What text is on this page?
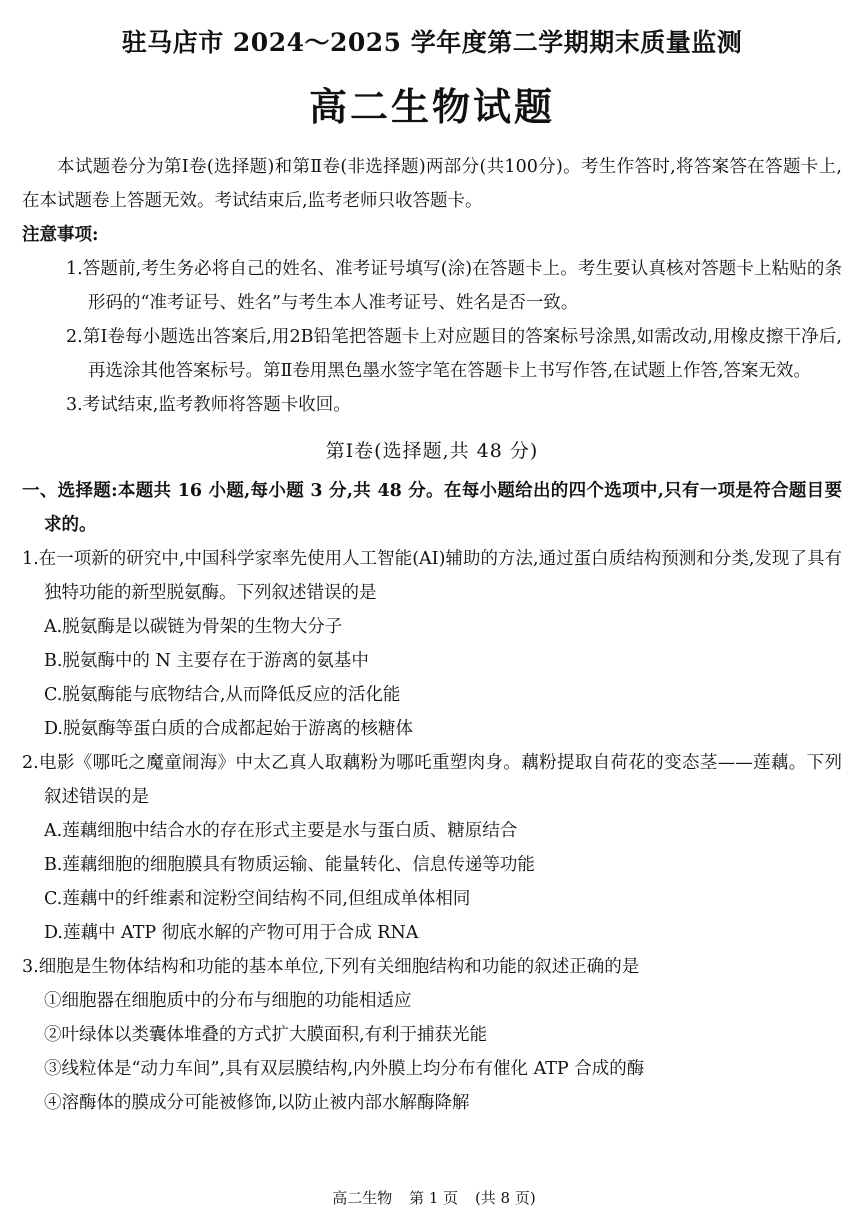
驻马店市 2024～2025 学年度第二学期期末质量监测
高二生物试题

本试题卷分为第Ⅰ卷(选择题)和第Ⅱ卷(非选择题)两部分(共100分)。考生作答时,将答案答在答题卡上,在本试题卷上答题无效。考试结束后,监考老师只收答题卡。

注意事项:

1.答题前,考生务必将自己的姓名、准考证号填写(涂)在答题卡上。考生要认真核对答题卡上粘贴的条形码的“准考证号、姓名”与考生本人准考证号、姓名是否一致。
2.第Ⅰ卷每小题选出答案后,用2B铅笔把答题卡上对应题目的答案标号涂黑,如需改动,用橡皮擦干净后,再选涂其他答案标号。第Ⅱ卷用黑色墨水签字笔在答题卡上书写作答,在试题上作答,答案无效。
3.考试结束,监考教师将答题卡收回。
第Ⅰ卷(选择题,共 48 分)

一、选择题:本题共 16 小题,每小题 3 分,共 48 分。在每小题给出的四个选项中,只有一项是符合题目要求的。

1.在一项新的研究中,中国科学家率先使用人工智能(AI)辅助的方法,通过蛋白质结构预测和分类,发现了具有独特功能的新型脱氨酶。下列叙述错误的是

A.脱氨酶是以碳链为骨架的生物大分子
B.脱氨酶中的 N 主要存在于游离的氨基中
C.脱氨酶能与底物结合,从而降低反应的活化能
D.脱氨酶等蛋白质的合成都起始于游离的核糖体

2.电影《哪吒之魔童闹海》中太乙真人取藕粉为哪吒重塑肉身。藕粉提取自荷花的变态茎——莲藕。下列叙述错误的是

A.莲藕细胞中结合水的存在形式主要是水与蛋白质、糖原结合
B.莲藕细胞的细胞膜具有物质运输、能量转化、信息传递等功能
C.莲藕中的纤维素和淀粉空间结构不同,但组成单体相同
D.莲藕中 ATP 彻底水解的产物可用于合成 RNA

3.细胞是生物体结构和功能的基本单位,下列有关细胞结构和功能的叙述正确的是

①细胞器在细胞质中的分布与细胞的功能相适应
②叶绿体以类囊体堆叠的方式扩大膜面积,有利于捕获光能
③线粒体是“动力车间”,具有双层膜结构,内外膜上均分布有催化 ATP 合成的酶
④溶酶体的膜成分可能被修饰,以防止被内部水解酶降解
高二生物 第 1 页 (共 8 页)
